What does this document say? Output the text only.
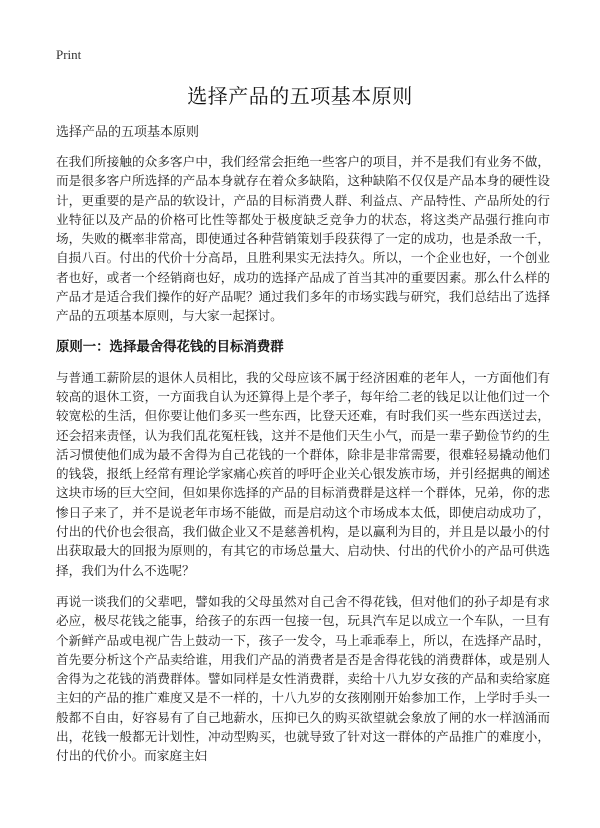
Print
选择产品的五项基本原则
选择产品的五项基本原则

在我们所接触的众多客户中，我们经常会拒绝一些客户的项目，并不是我们有业务不做，而是很多客户所选择的产品本身就存在着众多缺陷，这种缺陷不仅仅是产品本身的硬性设计，更重要的是产品的软设计，产品的目标消费人群、利益点、产品特性、产品所处的行业特征以及产品的价格可比性等都处于极度缺乏竞争力的状态，将这类产品强行推向市场，失败的概率非常高，即使通过各种营销策划手段获得了一定的成功，也是杀敌一千，自损八百。付出的代价十分高昂，且胜利果实无法持久。所以，一个企业也好，一个创业者也好，或者一个经销商也好，成功的选择产品成了首当其冲的重要因素。那么什么样的产品才是适合我们操作的好产品呢？通过我们多年的市场实践与研究，我们总结出了选择产品的五项基本原则，与大家一起探讨。

原则一：选择最舍得花钱的目标消费群

与普通工薪阶层的退休人员相比，我的父母应该不属于经济困难的老年人，一方面他们有较高的退休工资，一方面我自认为还算得上是个孝子，每年给二老的钱足以让他们过一个较宽松的生活，但你要让他们多买一些东西，比登天还难，有时我们买一些东西送过去，还会招来责怪，认为我们乱花冤枉钱，这并不是他们天生小气，而是一辈子勤俭节约的生活习惯使他们成为最不舍得为自己花钱的一个群体，除非是非常需要，很难轻易撬动他们的钱袋，报纸上经常有理论学家痛心疾首的呼吁企业关心银发族市场，并引经据典的阐述这块市场的巨大空间，但如果你选择的产品的目标消费群是这样一个群体，兄弟，你的悲惨日子来了，并不是说老年市场不能做，而是启动这个市场成本太低，即使启动成功了，付出的代价也会很高，我们做企业又不是慈善机构，是以赢利为目的，并且是以最小的付出获取最大的回报为原则的，有其它的市场总量大、启动快、付出的代价小的产品可供选择，我们为什么不选呢？

再说一谈我们的父辈吧，譬如我的父母虽然对自己舍不得花钱，但对他们的孙子却是有求必应，极尽花钱之能事，给孩子的东西一包接一包，玩具汽车足以成立一个车队，一旦有个新鲜产品或电视广告上鼓动一下，孩子一发令，马上乖乖奉上，所以，在选择产品时，首先要分析这个产品卖给谁，用我们产品的消费者是否是舍得花钱的消费群体，或是别人舍得为之花钱的消费群体。譬如同样是女性消费群，卖给十八九岁女孩的产品和卖给家庭主妇的产品的推广难度又是不一样的，十八九岁的女孩刚刚开始参加工作，上学时手头一般都不自由，好容易有了自己地薪水，压抑已久的购买欲望就会象放了闸的水一样汹涌而出，花钱一般都无计划性，冲动型购买，也就导致了针对这一群体的产品推广的难度小，付出的代价小。而家庭主妇
